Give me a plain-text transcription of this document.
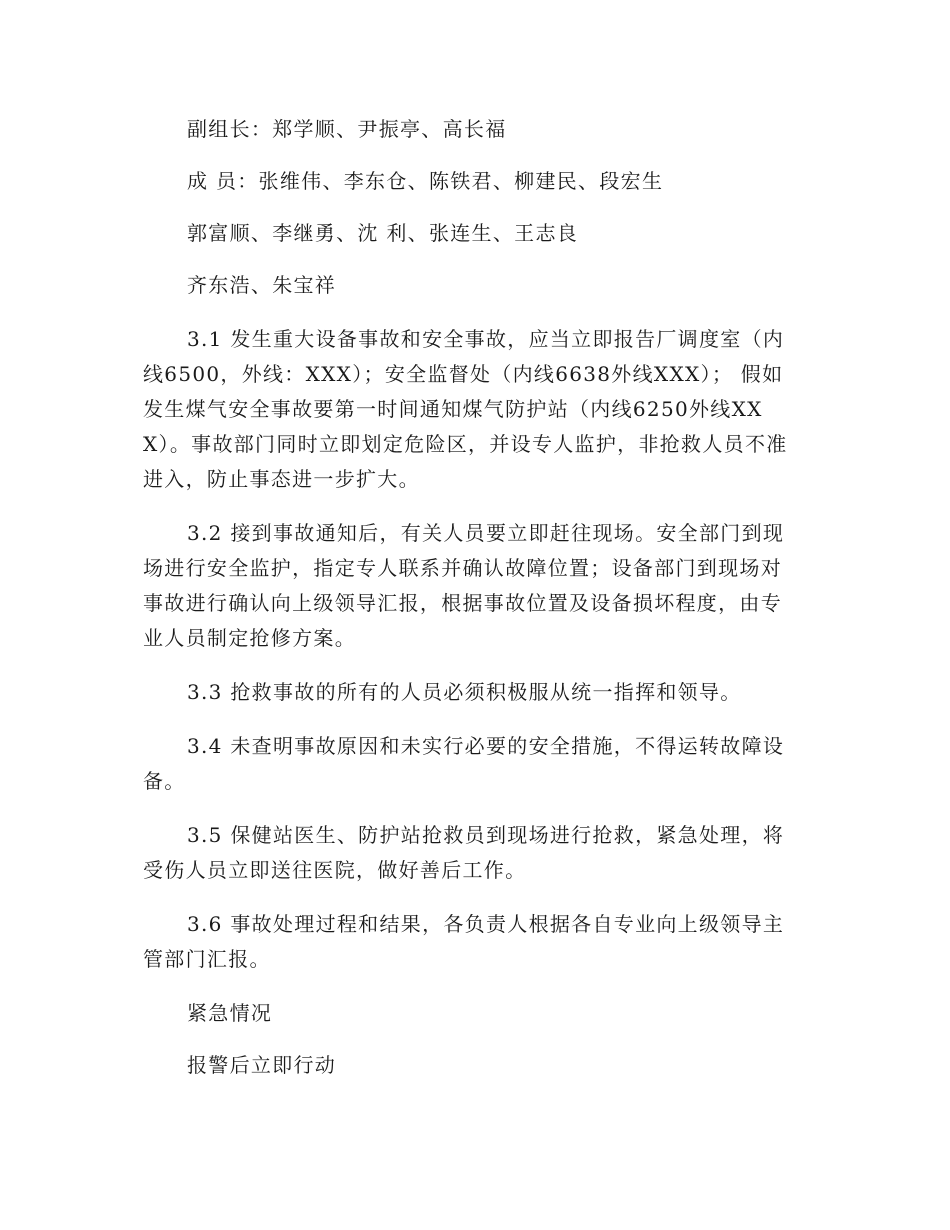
副组长：郑学顺、尹振亭、高长福

成 员：张维伟、李东仓、陈铁君、柳建民、段宏生

郭富顺、李继勇、沈 利、张连生、王志良

齐东浩、朱宝祥

3.1 发生重大设备事故和安全事故，应当立即报告厂调度室（内线6500，外线：XXX）；安全监督处（内线6638外线XXX）； 假如发生煤气安全事故要第一时间通知煤气防护站（内线6250外线XXX）。事故部门同时立即划定危险区，并设专人监护，非抢救人员不准进入，防止事态进一步扩大。

3.2 接到事故通知后，有关人员要立即赶往现场。安全部门到现场进行安全监护，指定专人联系并确认故障位置；设备部门到现场对事故进行确认向上级领导汇报，根据事故位置及设备损坏程度，由专业人员制定抢修方案。

3.3 抢救事故的所有的人员必须积极服从统一指挥和领导。

3.4 未查明事故原因和未实行必要的安全措施，不得运转故障设备。

3.5 保健站医生、防护站抢救员到现场进行抢救，紧急处理，将受伤人员立即送往医院，做好善后工作。

3.6 事故处理过程和结果，各负责人根据各自专业向上级领导主管部门汇报。

紧急情况

报警后立即行动
